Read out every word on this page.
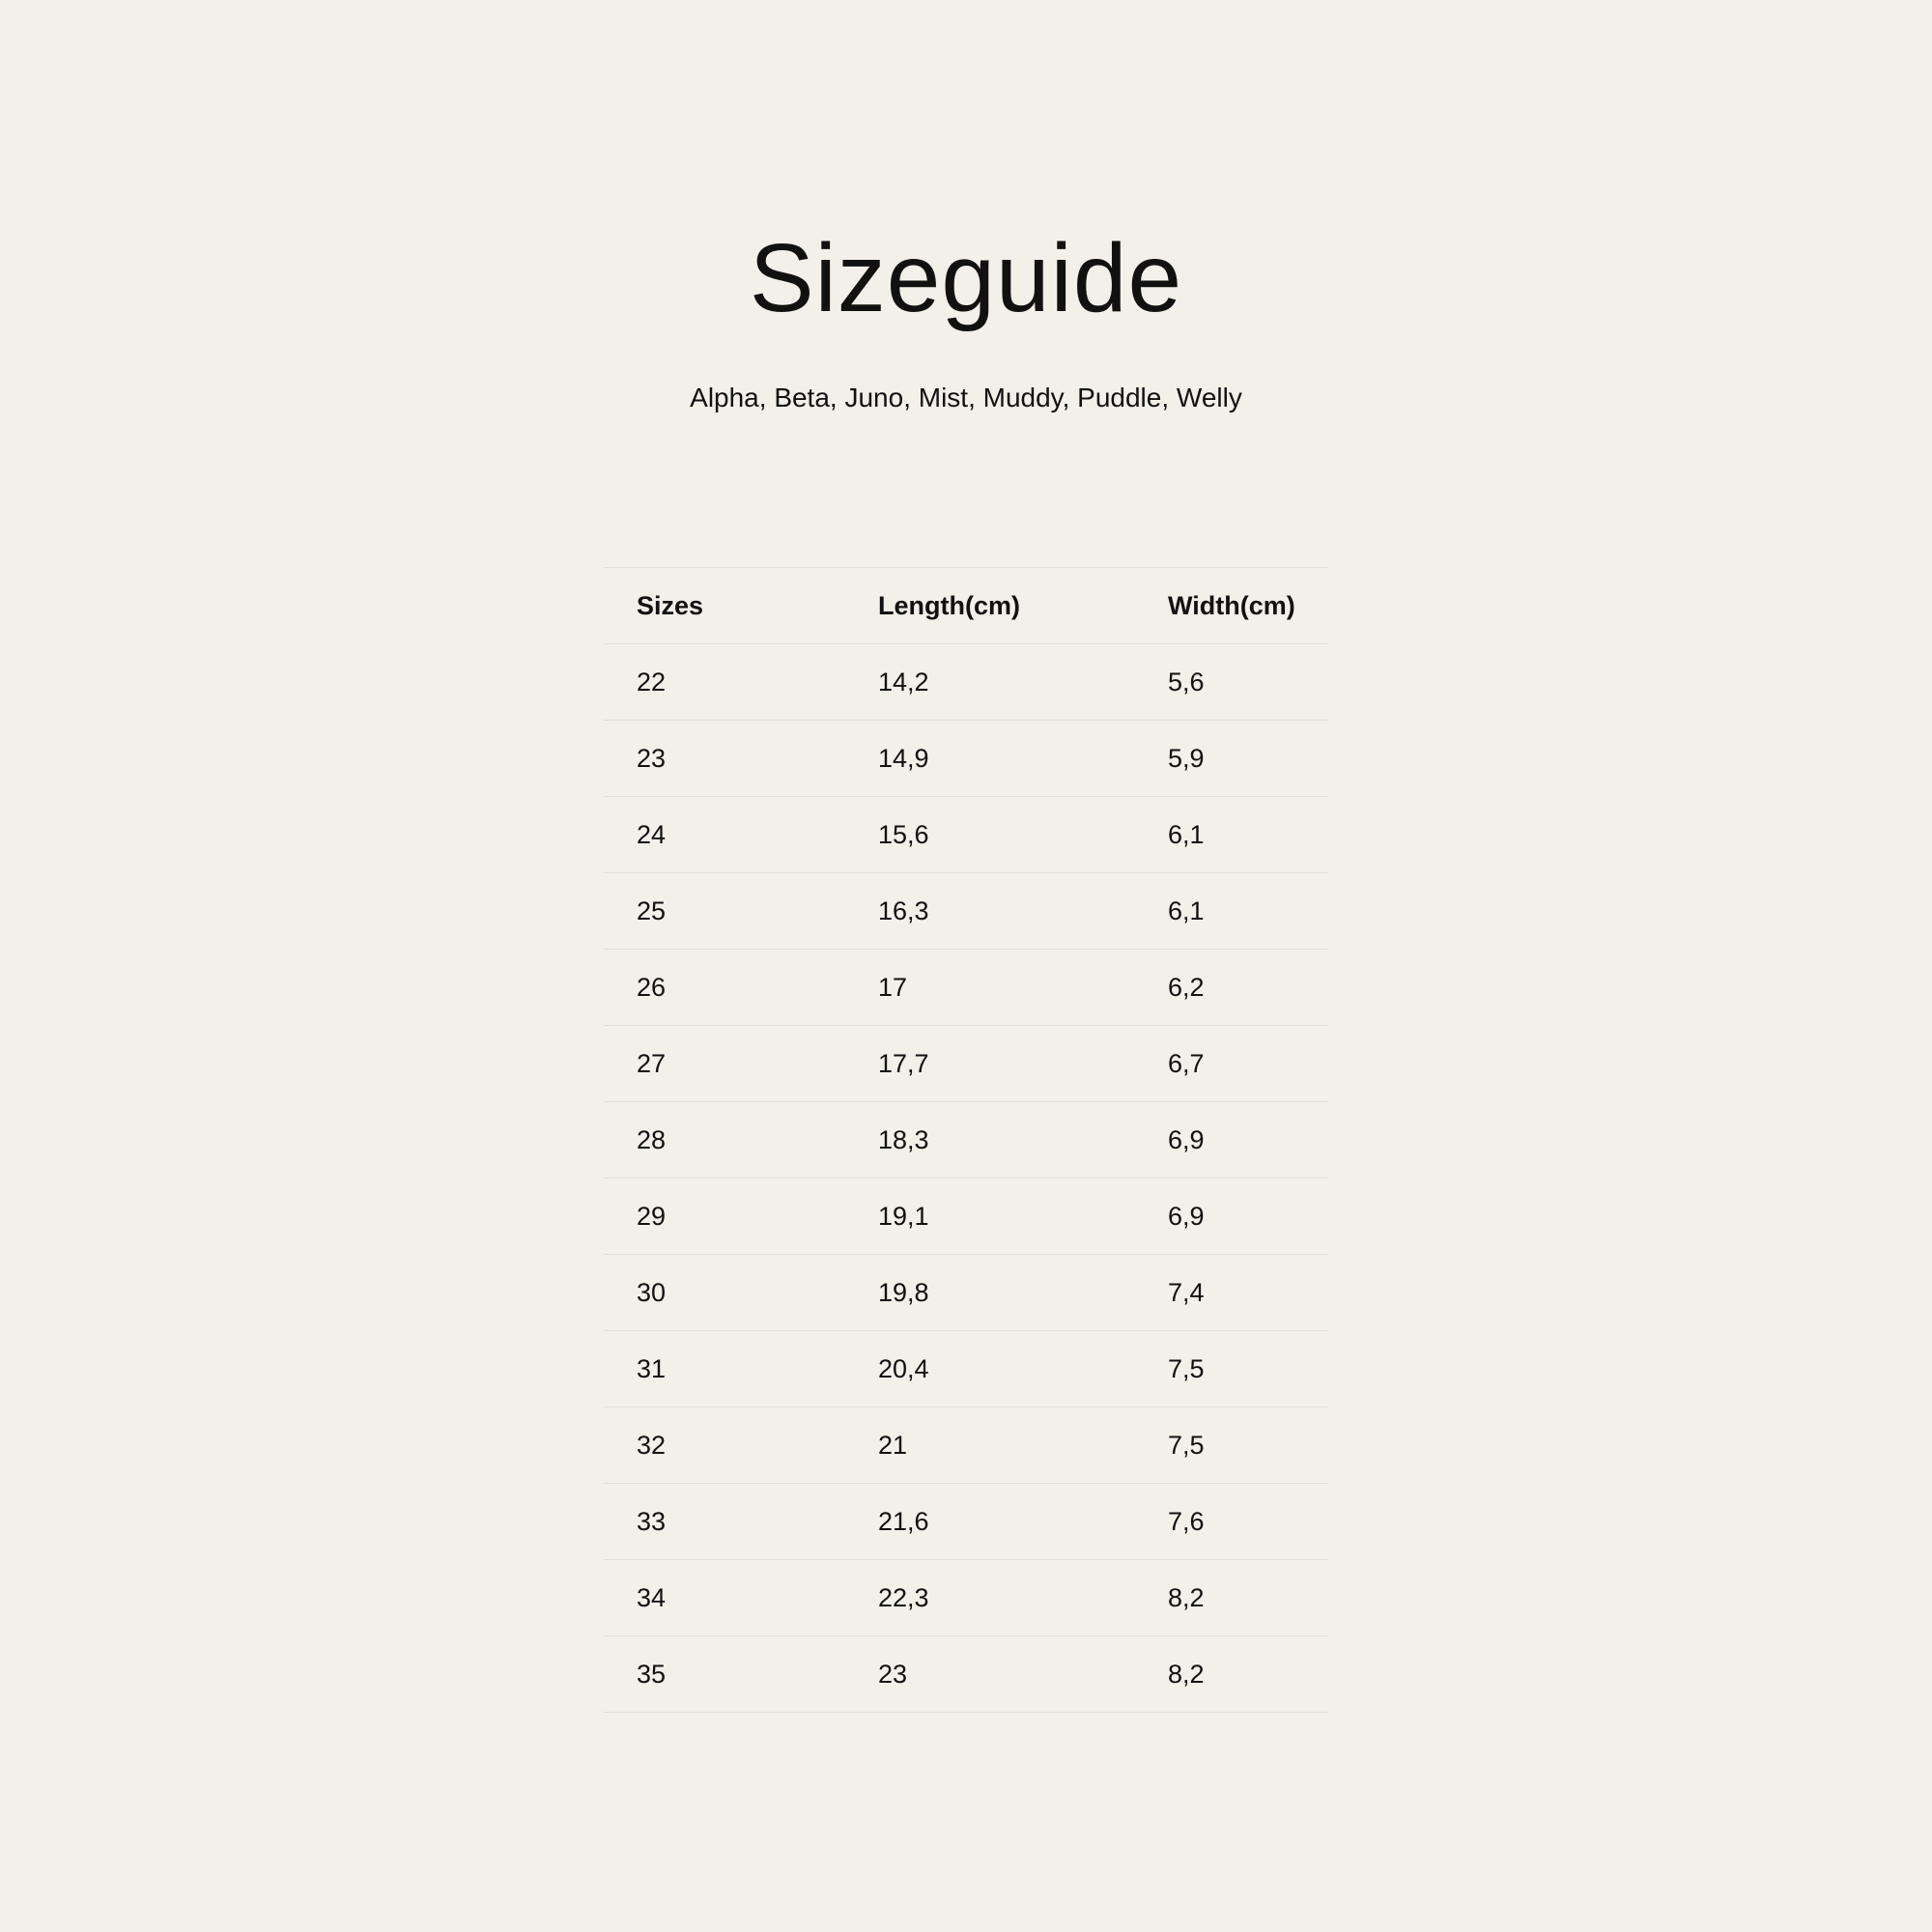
Sizeguide

Alpha, Beta, Juno, Mist, Muddy, Puddle, Welly

Sizes	Length(cm)	Width(cm)
22	14,2	5,6
23	14,9	5,9
24	15,6	6,1
25	16,3	6,1
26	17	6,2
27	17,7	6,7
28	18,3	6,9
29	19,1	6,9
30	19,8	7,4
31	20,4	7,5
32	21	7,5
33	21,6	7,6
34	22,3	8,2
35	23	8,2
